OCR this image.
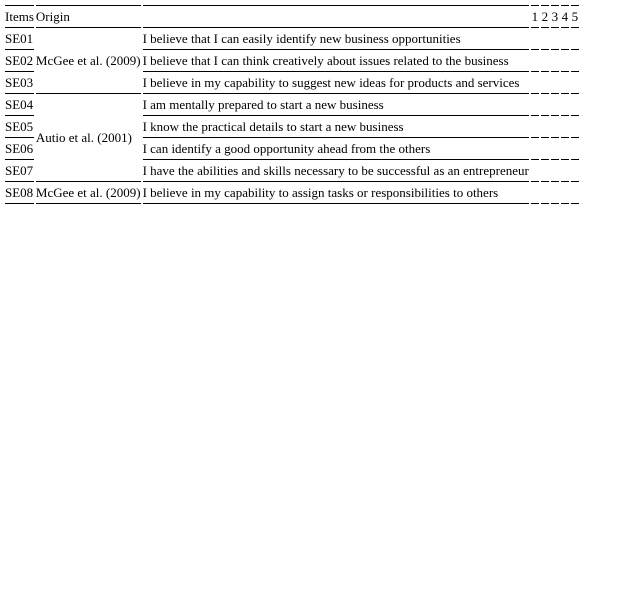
Items	Origin		1	2	3	4	5
SE01	McGee et al. (2009)	I believe that I can easily identify new business opportunities					
SE02		I believe that I can think creatively about issues related to the business					
SE03		I believe in my capability to suggest new ideas for products and services					
SE04	Autio et al. (2001)	I am mentally prepared to start a new business					
SE05		I know the practical details to start a new business					
SE06		I can identify a good opportunity ahead from the others					
SE07		I have the abilities and skills necessary to be successful as an entrepreneur					
SE08	McGee et al. (2009)	I believe in my capability to assign tasks or responsibilities to others					
